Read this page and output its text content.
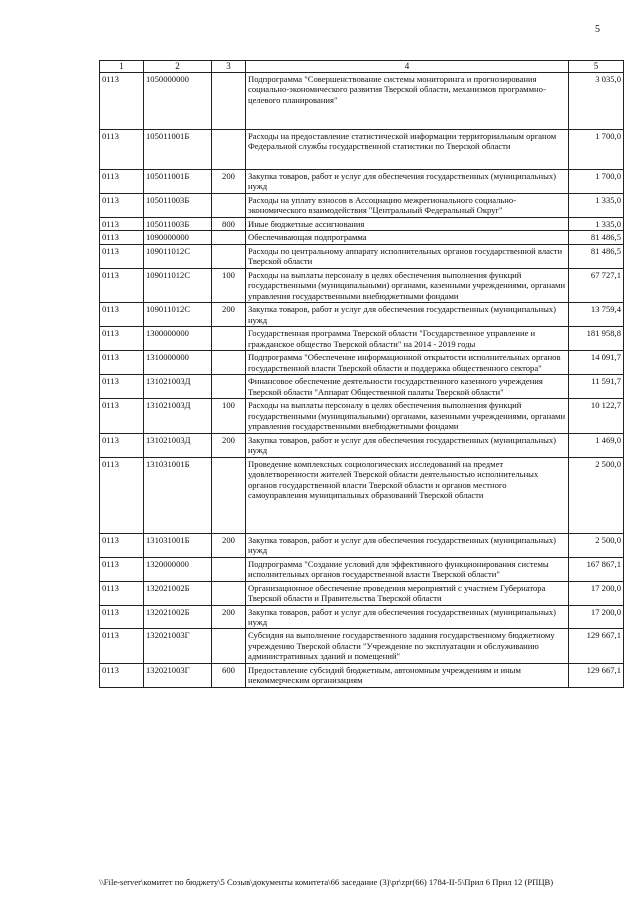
5
1	2	3	4	5
0113	1050000000		Подпрограмма "Совершенствование системы мониторинга и прогнозирования социально-экономического развития Тверской области, механизмов программно-целевого планирования"	3 035,0
0113	105011001Б		Расходы на предоставление статистической информации территориальным органом Федеральной службы государственной статистики по Тверской области	1 700,0
0113	105011001Б	200	Закупка товаров, работ и услуг для обеспечения государственных (муниципальных) нужд	1 700,0
0113	105011003Б		Расходы на уплату взносов в Ассоциацию межрегионального социально-экономического взаимодействия "Центральный Федеральный Округ"	1 335,0
0113	105011003Б	800	Иные бюджетные ассигнования	1 335,0
0113	1090000000		Обеспечивающая подпрограмма	81 486,5
0113	109011012С		Расходы по центральному аппарату исполнительных органов государственной власти Тверской области	81 486,5
0113	109011012С	100	Расходы на выплаты персоналу в целях обеспечения выполнения функций государственными (муниципальными) органами, казенными учреждениями, органами управления государственными внебюджетными фондами	67 727,1
0113	109011012С	200	Закупка товаров, работ и услуг для обеспечения государственных (муниципальных) нужд	13 759,4
0113	1300000000		Государственная программа Тверской области "Государственное управление и гражданское общество Тверской области" на 2014 - 2019 годы	181 958,8
0113	1310000000		Подпрограмма "Обеспечение информационной открытости исполнительных органов государственной власти Тверской области и поддержка общественного сектора"	14 091,7
0113	131021003Д		Финансовое обеспечение деятельности государственного казенного учреждения Тверской области "Аппарат Общественной палаты Тверской области"	11 591,7
0113	131021003Д	100	Расходы на выплаты персоналу в целях обеспечения выполнения функций государственными (муниципальными) органами, казенными учреждениями, органами управления государственными внебюджетными фондами	10 122,7
0113	131021003Д	200	Закупка товаров, работ и услуг для обеспечения государственных (муниципальных) нужд	1 469,0
0113	131031001Б		Проведение комплексных социологических исследований на предмет удовлетворенности жителей Тверской области деятельностью исполнительных органов государственной власти Тверской области и органов местного самоуправления муниципальных образований Тверской области	2 500,0
0113	131031001Б	200	Закупка товаров, работ и услуг для обеспечения государственных (муниципальных) нужд	2 500,0
0113	1320000000		Подпрограмма "Создание условий для эффективного функционирования системы исполнительных органов государственной власти Тверской области"	167 867,1
0113	132021002Б		Организационное обеспечение проведения мероприятий с участием Губернатора Тверской области и Правительства Тверской области	17 200,0
0113	132021002Б	200	Закупка товаров, работ и услуг для обеспечения государственных (муниципальных) нужд	17 200,0
0113	132021003Г		Субсидия на выполнение государственного задания государственному бюджетному учреждению Тверской области "Учреждение по эксплуатации и обслуживанию административных зданий и помещений"	129 667,1
0113	132021003Г	600	Предоставление субсидий бюджетным, автономным учреждениям и иным некоммерческим организациям	129 667,1
\\File-server\комитет по бюджету\5 Созыв\документы комитета\66 заседание (3)\pr\zpr(66) 1784-II-5\Прил 6 Прил 12 (РПЦВ)
